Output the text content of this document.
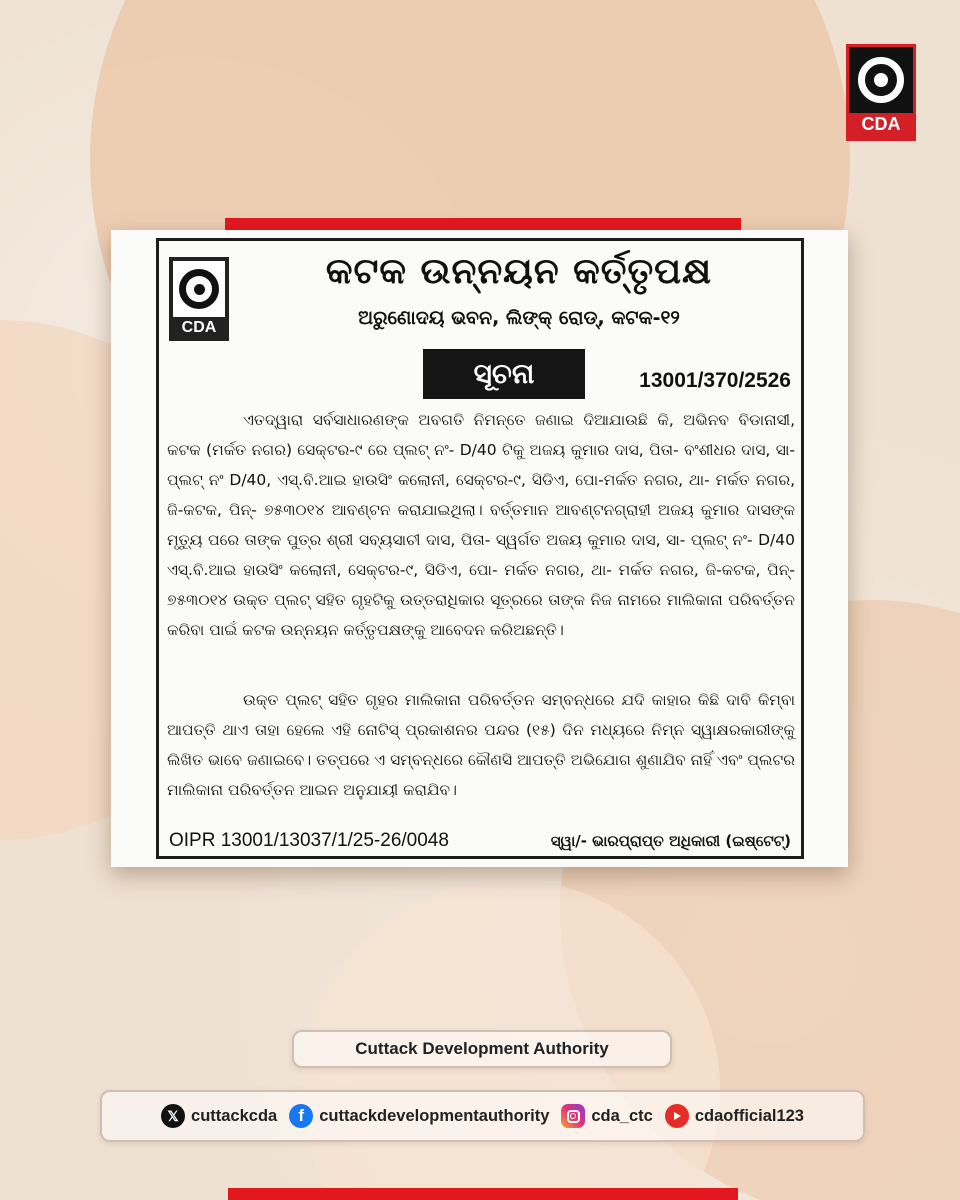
CDA
CDA
କଟକ ଉନ୍ନୟନ କର୍ତ୍ତୃପକ୍ଷ
ଅରୁଣୋଦୟ ଭବନ, ଲିଙ୍କ୍ ରୋଡ୍, କଟକ-୧୨
ସୂଚନା	13001/370/2526
ଏତଦ୍ୱାରା ସର୍ବସାଧାରଣଙ୍କ ଅବଗତି ନିମନ୍ତେ ଜଣାଇ ଦିଆଯାଉଛି କି, ଅଭିନବ ବିଡାନାସୀ, କଟକ (ମର୍କତ ନଗର) ସେକ୍ଟର-୯ ରେ ପ୍ଲଟ୍ ନଂ- D/40 ଟିକୁ ଅଜୟ କୁମାର ଦାସ, ପିତା- ବଂଶୀଧର ଦାସ, ସା- ପ୍ଲଟ୍ ନଂ D/40, ଏସ୍.ବି.ଆଇ ହାଉସିଂ କଲୋନୀ, ସେକ୍ଟର-୯, ସିଡିଏ, ପୋ-ମର୍କତ ନଗର, ଥା- ମର୍କତ ନଗର, ଜି-କଟକ, ପିନ୍- ୭୫୩୦୧୪ ଆବଣ୍ଟନ କରାଯାଇଥିଲା। ବର୍ତ୍ତମାନ ଆବଣ୍ଟନଗ୍ରାହୀ ଅଜୟ କୁମାର ଦାସଙ୍କ ମୃତ୍ୟୁ ପରେ ତାଙ୍କ ପୁତ୍ର ଶ୍ରୀ ସବ୍ୟସାଚୀ ଦାସ, ପିତା- ସ୍ୱର୍ଗତ ଅଜୟ କୁମାର ଦାସ, ସା- ପ୍ଲଟ୍ ନଂ- D/40 ଏସ୍.ବି.ଆଇ ହାଉସିଂ କଲୋନୀ, ସେକ୍ଟର-୯, ସିଡିଏ, ପୋ- ମର୍କତ ନଗର, ଥା- ମର୍କତ ନଗର, ଜି-କଟକ, ପିନ୍- ୭୫୩୦୧୪ ଉକ୍ତ ପ୍ଲଟ୍ ସହିତ ଗୃହଟିକୁ ଉତ୍ତରାଧିକାର ସୂତ୍ରରେ ତାଙ୍କ ନିଜ ନାମରେ ମାଲିକାନା ପରିବର୍ତ୍ତନ କରିବା ପାଇଁ କଟକ ଉନ୍ନୟନ କର୍ତ୍ତୃପକ୍ଷଙ୍କୁ ଆବେଦନ କରିଅଛନ୍ତି।
ଉକ୍ତ ପ୍ଲଟ୍ ସହିତ ଗୃହର ମାଲିକାନା ପରିବର୍ତ୍ତନ ସମ୍ବନ୍ଧରେ ଯଦି କାହାର କିଛି ଦାବି କିମ୍ବା ଆପତ୍ତି ଥାଏ ତାହା ହେଲେ ଏହି ନୋଟିସ୍ ପ୍ରକାଶନର ପନ୍ଦର (୧୫) ଦିନ ମଧ୍ୟରେ ନିମ୍ନ ସ୍ୱାକ୍ଷରକାରୀଙ୍କୁ ଲିଖିତ ଭାବେ ଜଣାଇବେ। ତତ୍ପରେ ଏ ସମ୍ବନ୍ଧରେ କୌଣସି ଆପତ୍ତି ଅଭିଯୋଗ ଶୁଣାଯିବ ନାହିଁ ଏବଂ ପ୍ଲଟର ମାଲିକାନା ପରିବର୍ତ୍ତନ ଆଇନ ଅନୁଯାୟୀ କରାଯିବ।
OIPR 13001/13037/1/25-26/0048	ସ୍ୱା/- ଭାରପ୍ରାପ୍ତ ଅଧିକାରୀ (ଇଷ୍ଟେଟ୍)
Cuttack Development Authority
𝕏 cuttackcda	f cuttackdevelopmentauthority	cda_ctc	cdaofficial123
